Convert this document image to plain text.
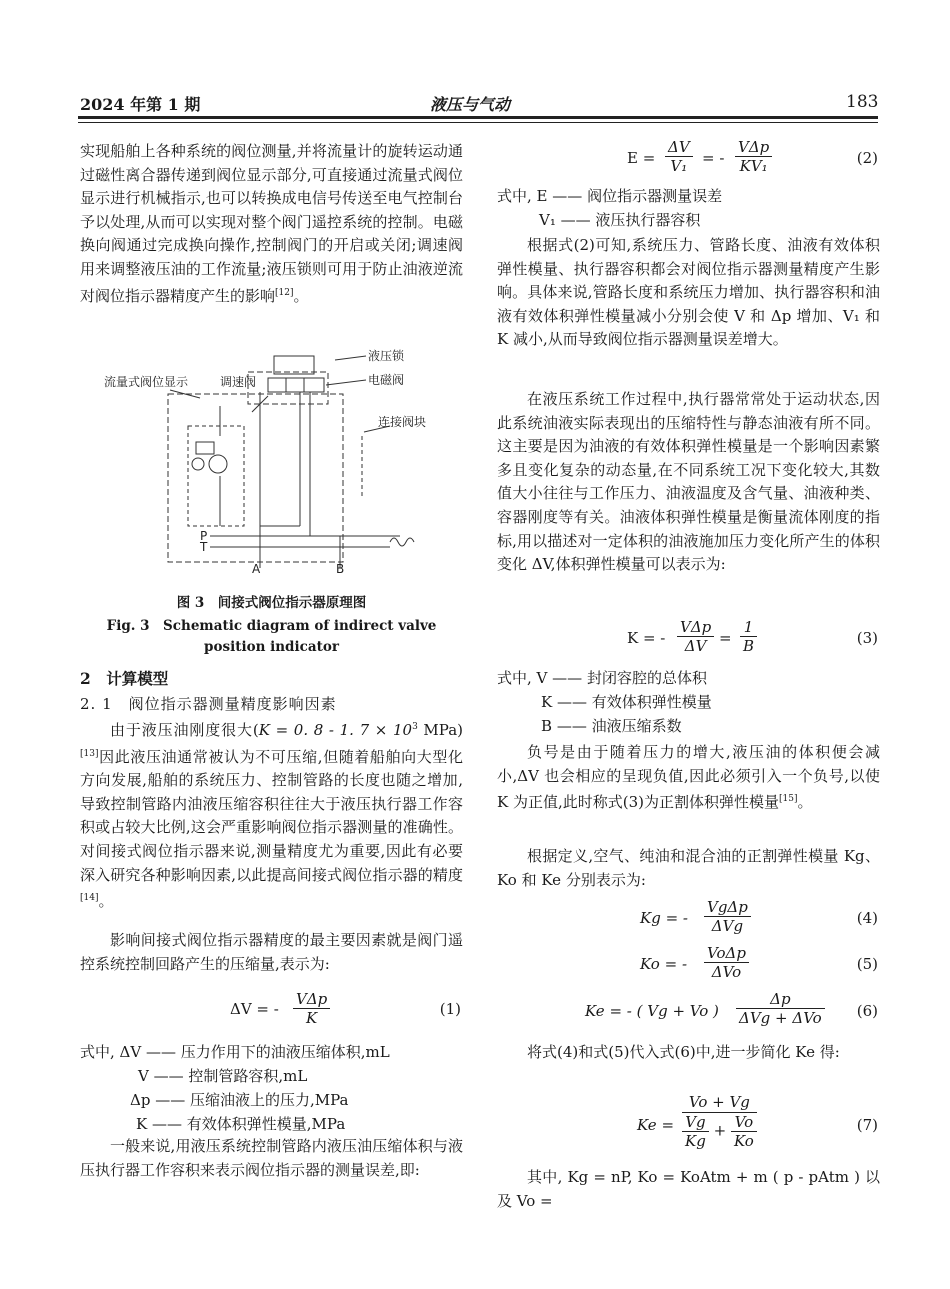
2024 年第 1 期	液压与气动	183

实现船舶上各种系统的阀位测量,并将流量计的旋转运动通过磁性离合器传递到阀位显示部分,可直接通过流量式阀位显示进行机械指示,也可以转换成电信号传送至电气控制台予以处理,从而可以实现对整个阀门遥控系统的控制。电磁换向阀通过完成换向操作,控制阀门的开启或关闭;调速阀用来调整液压油的工作流量;液压锁则可用于防止油液逆流对阀位指示器精度产生的影响[12]。

流量式阀位显示	调速阀
液压锁
电磁阀
连接阀块
P
T
A	B
图 3　间接式阀位指示器原理图
Fig. 3　Schematic diagram of indirect valve
position indicator
2　计算模型
2. 1　阀位指示器测量精度影响因素

由于液压油刚度很大(K = 0. 8 - 1. $7 \times 10^3$ MPa)[13]因此液压油通常被认为不可压缩,但随着船舶向大型化方向发展,船舶的系统压力、控制管路的长度也随之增加,导致控制管路内油液压缩容积往往大于液压执行器工作容积或占较大比例,这会严重影响阀位指示器测量的准确性。对间接式阀位指示器来说,测量精度尤为重要,因此有必要深入研究各种影响因素,以此提高间接式阀位指示器的精度[14]。

影响间接式阀位指示器精度的最主要因素就是阀门遥控系统控制回路产生的压缩量,表示为:

ΔV = -
VΔp
K	(1)
式中, ΔV —— 压力作用下的油液压缩体积,mL
V —— 控制管路容积,mL
Δp —— 压缩油液上的压力,MPa
K —— 有效体积弹性模量,MPa

一般来说,用液压系统控制管路内液压油压缩体积与液压执行器工作容积来表示阀位指示器的测量误差,即:

$E = \frac{\Delta V}{\text{V₁}}$ = -
VΔp
KV₁	(2)
式中, E —— 阀位指示器测量误差
V₁ —— 液压执行器容积

根据式(2)可知,系统压力、管路长度、油液有效体积弹性模量、执行器容积都会对阀位指示器测量精度产生影响。具体来说,管路长度和系统压力增加、执行器容积和油液有效体积弹性模量减小分别会使 V 和 Δp 增加、V₁ 和 K 减小,从而导致阀位指示器测量误差增大。

在液压系统工作过程中,执行器常常处于运动状态,因此系统油液实际表现出的压缩特性与静态油液有所不同。这主要是因为油液的有效体积弹性模量是一个影响因素繁多且变化复杂的动态量,在不同系统工况下变化较大,其数值大小往往与工作压力、油液温度及含气量、油液种类、容器刚度等有关。油液体积弹性模量是衡量流体刚度的指标,用以描述对一定体积的油液施加压力变化所产生的体积变化 ΔV,体积弹性模量可以表示为:

K = -
VΔp
$\Delta V = \frac{1}{B}$	(3)
式中, V —— 封闭容腔的总体积
K —— 有效体积弹性模量
B —— 油液压缩系数

负号是由于随着压力的增大,液压油的体积便会减小,ΔV 也会相应的呈现负值,因此必须引入一个负号,以使 K 为正值,此时称式(3)为正割体积弹性模量[15]。

根据定义,空气、纯油和混合油的正割弹性模量 Kg、Ko 和 Ke 分别表示为:

Kg = -
VgΔp
ΔVg	(4)
Ko = -
VoΔp
ΔVo	(5)
Ke = - ( Vg + Vo )
Δp
ΔVg + ΔVo (6)

将式(4)和式(5)代入式(6)中,进一步简化 Ke 得:

Ke =
Vo + Vg
$\frac{Vg}{Kg} + \frac{Vo}{Ko}$	(7)

其中, Kg = nP, Ko = KoAtm + m ( p - pAtm ) 以及 Vo =
